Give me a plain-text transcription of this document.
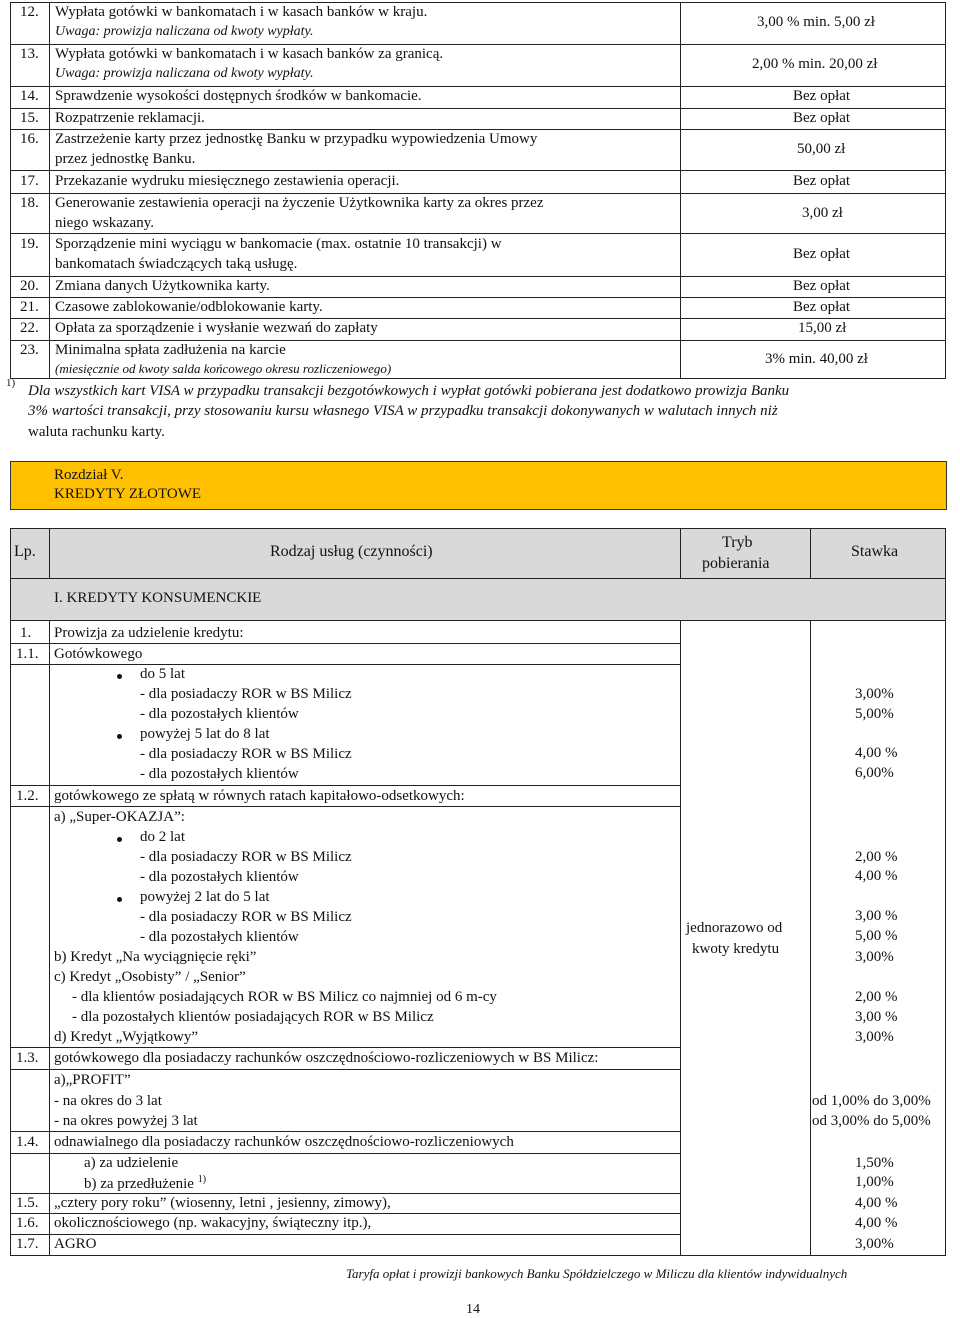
12. Wypłata gotówki w bankomatach i w kasach banków w kraju.
Uwaga: prowizja naliczana od kwoty wypłaty.
3,00 % min. 5,00 zł
13. Wypłata gotówki w bankomatach i w kasach banków za granicą.
Uwaga: prowizja naliczana od kwoty wypłaty.
2,00 % min. 20,00 zł
14. Sprawdzenie wysokości dostępnych środków w bankomacie.	Bez opłat
15. Rozpatrzenie reklamacji.	Bez opłat
16. Zastrzeżenie karty przez jednostkę Banku w przypadku wypowiedzenia Umowy
przez jednostkę Banku.
50,00 zł
17. Przekazanie wydruku miesięcznego zestawienia operacji.	Bez opłat
18. Generowanie zestawienia operacji na życzenie Użytkownika karty za okres przez
niego wskazany.
3,00 zł
19. Sporządzenie mini wyciągu w bankomacie (max. ostatnie 10 transakcji) w
bankomatach świadczących taką usługę.
Bez opłat
20. Zmiana danych Użytkownika karty.	Bez opłat
21. Czasowe zablokowanie/odblokowanie karty.	Bez opłat
22. Opłata za sporządzenie i wysłanie wezwań do zapłaty	15,00 zł
23. Minimalna spłata zadłużenia na karcie
(miesięcznie od kwoty salda końcowego okresu rozliczeniowego)
3% min. 40,00 zł
1) Dla wszystkich kart VISA w przypadku transakcji bezgotówkowych i wypłat gotówki pobierana jest dodatkowo prowizja Banku
3% wartości transakcji, przy stosowaniu kursu własnego VISA w przypadku transakcji dokonywanych w walutach innych niż
waluta rachunku karty.
Rozdział V.
KREDYTY ZŁOTOWE
Lp.	Rodzaj usług (czynności)
Tryb
pobierania
Stawka
I. KREDYTY KONSUMENCKIE
1. Prowizja za udzielenie kredytu:
1.1. Gotówkowego
do 5 lat
- dla posiadaczy ROR w BS Milicz	3,00%
- dla pozostałych klientów	5,00%
powyżej 5 lat do 8 lat
- dla posiadaczy ROR w BS Milicz	4,00 %
- dla pozostałych klientów	6,00%
1.2. gotówkowego ze spłatą w równych ratach kapitałowo-odsetkowych:
a) „Super-OKAZJA”:
do 2 lat
- dla posiadaczy ROR w BS Milicz	2,00 %
- dla pozostałych klientów	4,00 %
powyżej 2 lat do 5 lat
- dla posiadaczy ROR w BS Milicz	3,00 %
- dla pozostałych klientów	5,00 %
b) Kredyt „Na wyciągnięcie ręki”	3,00%
c) Kredyt „Osobisty” / „Senior”
- dla klientów posiadających ROR w BS Milicz co najmniej od 6 m-cy	2,00 %
- dla pozostałych klientów posiadających ROR w BS Milicz	3,00 %
d) Kredyt „Wyjątkowy”	3,00%
jednorazowo od
kwoty kredytu
1.3. gotówkowego dla posiadaczy rachunków oszczędnościowo-rozliczeniowych w BS Milicz:
a)„PROFIT”
- na okres do 3 lat	od 1,00% do 3,00%
- na okres powyżej 3 lat	od 3,00% do 5,00%
1.4. odnawialnego dla posiadaczy rachunków oszczędnościowo-rozliczeniowych
a) za udzielenie	1,50%
b) za przedłużenie $^{1)}$	1,00%
1.5. „cztery pory roku” (wiosenny, letni , jesienny, zimowy),	4,00 %
1.6. okolicznościowego (np. wakacyjny, świąteczny itp.),	4,00 %
1.7. AGRO	3,00%
Taryfa opłat i prowizji bankowych Banku Spółdzielczego w Miliczu dla klientów indywidualnych
14
